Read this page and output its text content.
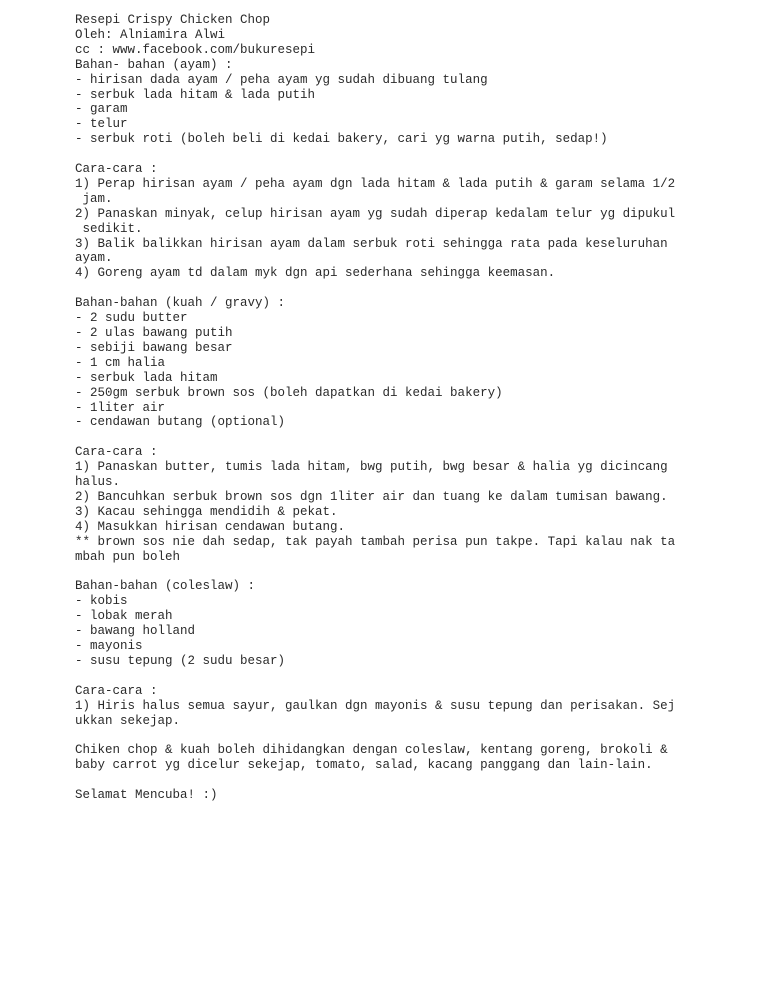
Resepi Crispy Chicken Chop

Oleh: Alniamira Alwi

cc : www.facebook.com/bukuresepi

Bahan- bahan (ayam) :

- hirisan dada ayam / peha ayam yg sudah dibuang tulang

- serbuk lada hitam & lada putih

- garam

- telur

- serbuk roti (boleh beli di kedai bakery, cari yg warna putih, sedap!)

Cara-cara :

1) Perap hirisan ayam / peha ayam dgn lada hitam & lada putih & garam selama 1/2

jam.

2) Panaskan minyak, celup hirisan ayam yg sudah diperap kedalam telur yg dipukul

sedikit.

3) Balik balikkan hirisan ayam dalam serbuk roti sehingga rata pada keseluruhan

ayam.

4) Goreng ayam td dalam myk dgn api sederhana sehingga keemasan.

Bahan-bahan (kuah / gravy) :

- 2 sudu butter

- 2 ulas bawang putih

- sebiji bawang besar

- 1 cm halia

- serbuk lada hitam

- 250gm serbuk brown sos (boleh dapatkan di kedai bakery)

- 1liter air

- cendawan butang (optional)

Cara-cara :

1) Panaskan butter, tumis lada hitam, bwg putih, bwg besar & halia yg dicincang

halus.

2) Bancuhkan serbuk brown sos dgn 1liter air dan tuang ke dalam tumisan bawang.

3) Kacau sehingga mendidih & pekat.

4) Masukkan hirisan cendawan butang.

** brown sos nie dah sedap, tak payah tambah perisa pun takpe. Tapi kalau nak ta

mbah pun boleh

Bahan-bahan (coleslaw) :

- kobis

- lobak merah

- bawang holland

- mayonis

- susu tepung (2 sudu besar)

Cara-cara :

1) Hiris halus semua sayur, gaulkan dgn mayonis & susu tepung dan perisakan. Sej

ukkan sekejap.

Chiken chop & kuah boleh dihidangkan dengan coleslaw, kentang goreng, brokoli &

baby carrot yg dicelur sekejap, tomato, salad, kacang panggang dan lain-lain.

Selamat Mencuba! :)
